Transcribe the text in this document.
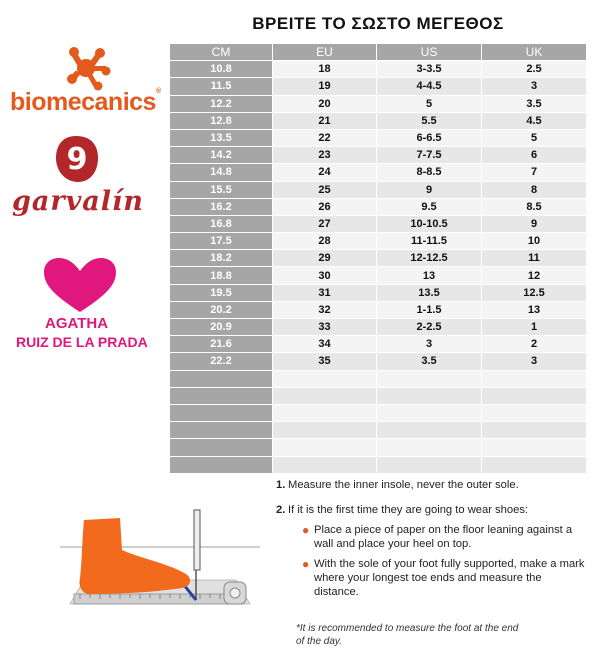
ΒΡΕΙΤΕ ΤΟ ΣΩΣΤΟ ΜΕΓΕΘΟΣ
biomecanics®
9
garvalín
AGATHA
RUIZ DE LA PRADA
CM	EU	US	UK
10.8	18	3-3.5	2.5
11.5	19	4-4.5	3
12.2	20	5	3.5
12.8	21	5.5	4.5
13.5	22	6-6.5	5
14.2	23	7-7.5	6
14.8	24	8-8.5	7
15.5	25	9	8
16.2	26	9.5	8.5
16.8	27	10-10.5	9
17.5	28	11-11.5	10
18.2	29	12-12.5	11
18.8	30	13	12
19.5	31	13.5	12.5
20.2	32	1-1.5	13
20.9	33	2-2.5	1
21.6	34	3	2
22.2	35	3.5	3
1. Measure the inner insole, never the outer sole.
2. If it is the first time they are going to wear shoes:
● Place a piece of paper on the floor leaning against a wall and place your heel on top.
● With the sole of your foot fully supported, make a mark where your longest toe ends and measure the distance.
*It is recommended to measure the foot at the end of the day.
